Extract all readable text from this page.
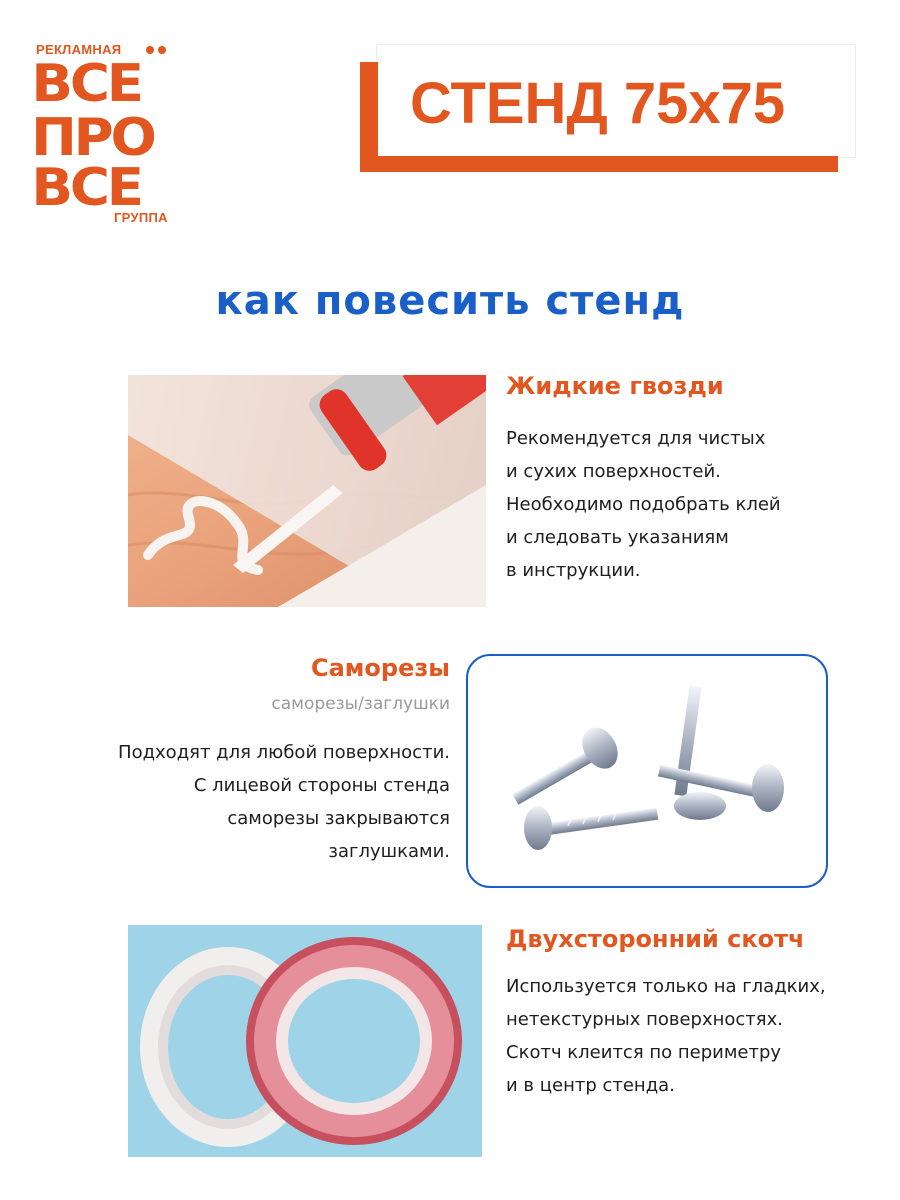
РЕКЛАМНАЯ
ВСЕ
ПРО
ВСЕ
ГРУППА
СТЕНД 75х75
как повесить стенд
Жидкие гвозди
Рекомендуется для чистых
и сухих поверхностей.
Необходимо подобрать клей
и следовать указаниям
в инструкции.
Саморезы
саморезы/заглушки
Подходят для любой поверхности.
С лицевой стороны стенда
саморезы закрываются
заглушками.
Двухсторонний скотч
Используется только на гладких,
нетекстурных поверхностях.
Скотч клеится по периметру
и в центр стенда.
